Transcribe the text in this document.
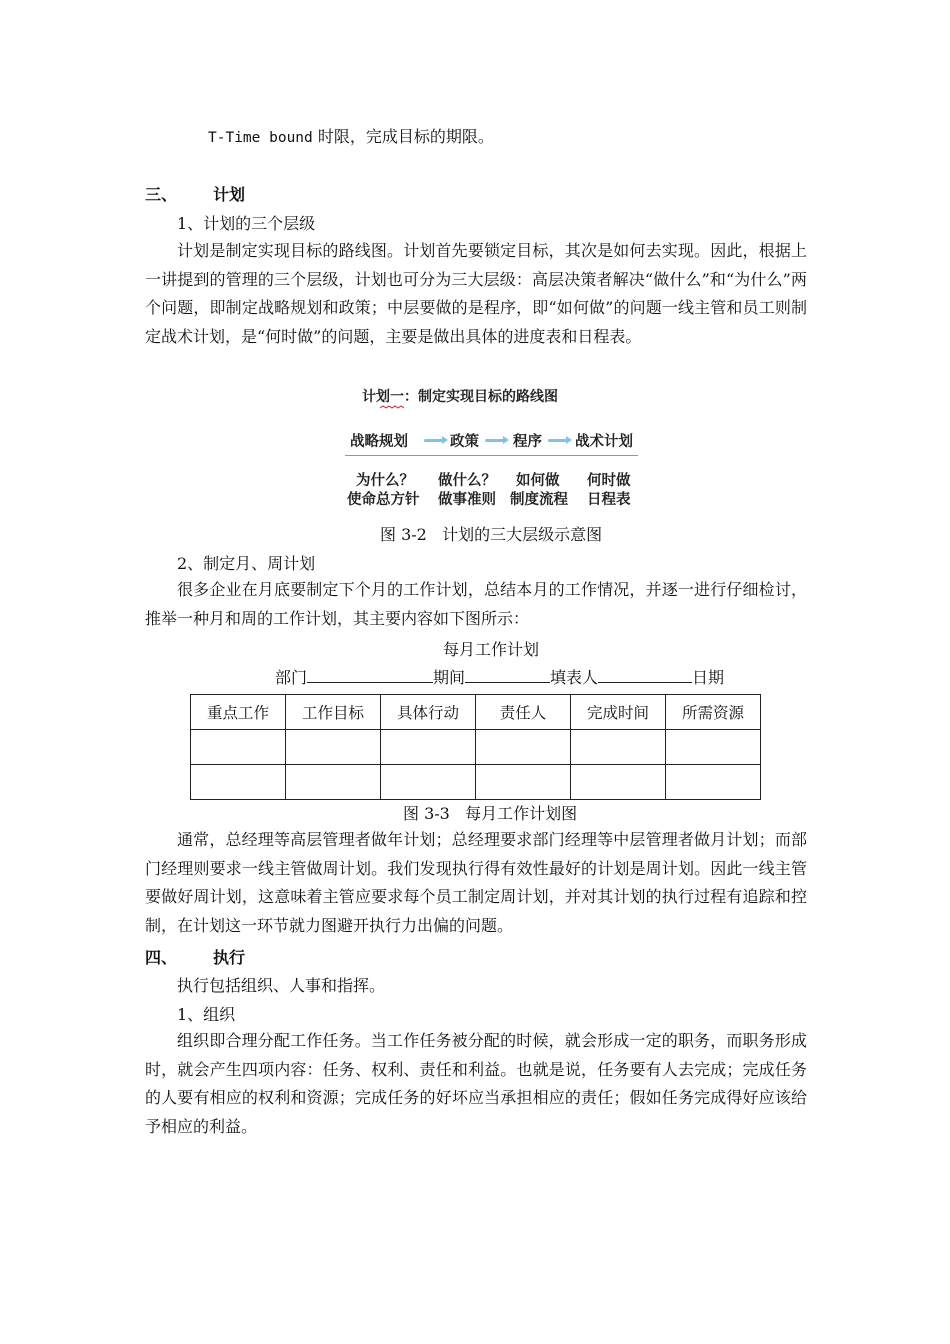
T-Time bound 时限，完成目标的期限。
三、 计划
1、计划的三个层级
计划是制定实现目标的路线图。计划首先要锁定目标，其次是如何去实现。因此，根据上一讲提到的管理的三个层级，计划也可分为三大层级：高层决策者解决“做什么”和“为什么”两个问题，即制定战略规划和政策；中层要做的是程序，即“如何做”的问题一线主管和员工则制定战术计划，是“何时做”的问题，主要是做出具体的进度表和日程表。
计划一
：制定实现目标的路线图
战略规划	政策 程序 战术计划
为什么？ 做什么？ 如何做 何时做
使命总方针 做事准则 制度流程 日程表
图 3-2   计划的三大层级示意图
2、制定月、周计划
很多企业在月底要制定下个月的工作计划，总结本月的工作情况，并逐一进行仔细检讨，推举一种月和周的工作计划，其主要内容如下图所示：
每月工作计划
部门	期间	填表人	日期
重点工作	工作目标	具体行动	责任人	完成时间	所需资源

图 3-3   每月工作计划图
通常，总经理等高层管理者做年计划；总经理要求部门经理等中层管理者做月计划；而部门经理则要求一线主管做周计划。我们发现执行得有效性最好的计划是周计划。因此一线主管要做好周计划，这意味着主管应要求每个员工制定周计划，并对其计划的执行过程有追踪和控制，在计划这一环节就力图避开执行力出偏的问题。
四、 执行
执行包括组织、人事和指挥。
1、组织
组织即合理分配工作任务。当工作任务被分配的时候，就会形成一定的职务，而职务形成时，就会产生四项内容：任务、权利、责任和利益。也就是说，任务要有人去完成；完成任务的人要有相应的权利和资源；完成任务的好坏应当承担相应的责任；假如任务完成得好应该给予相应的利益。
